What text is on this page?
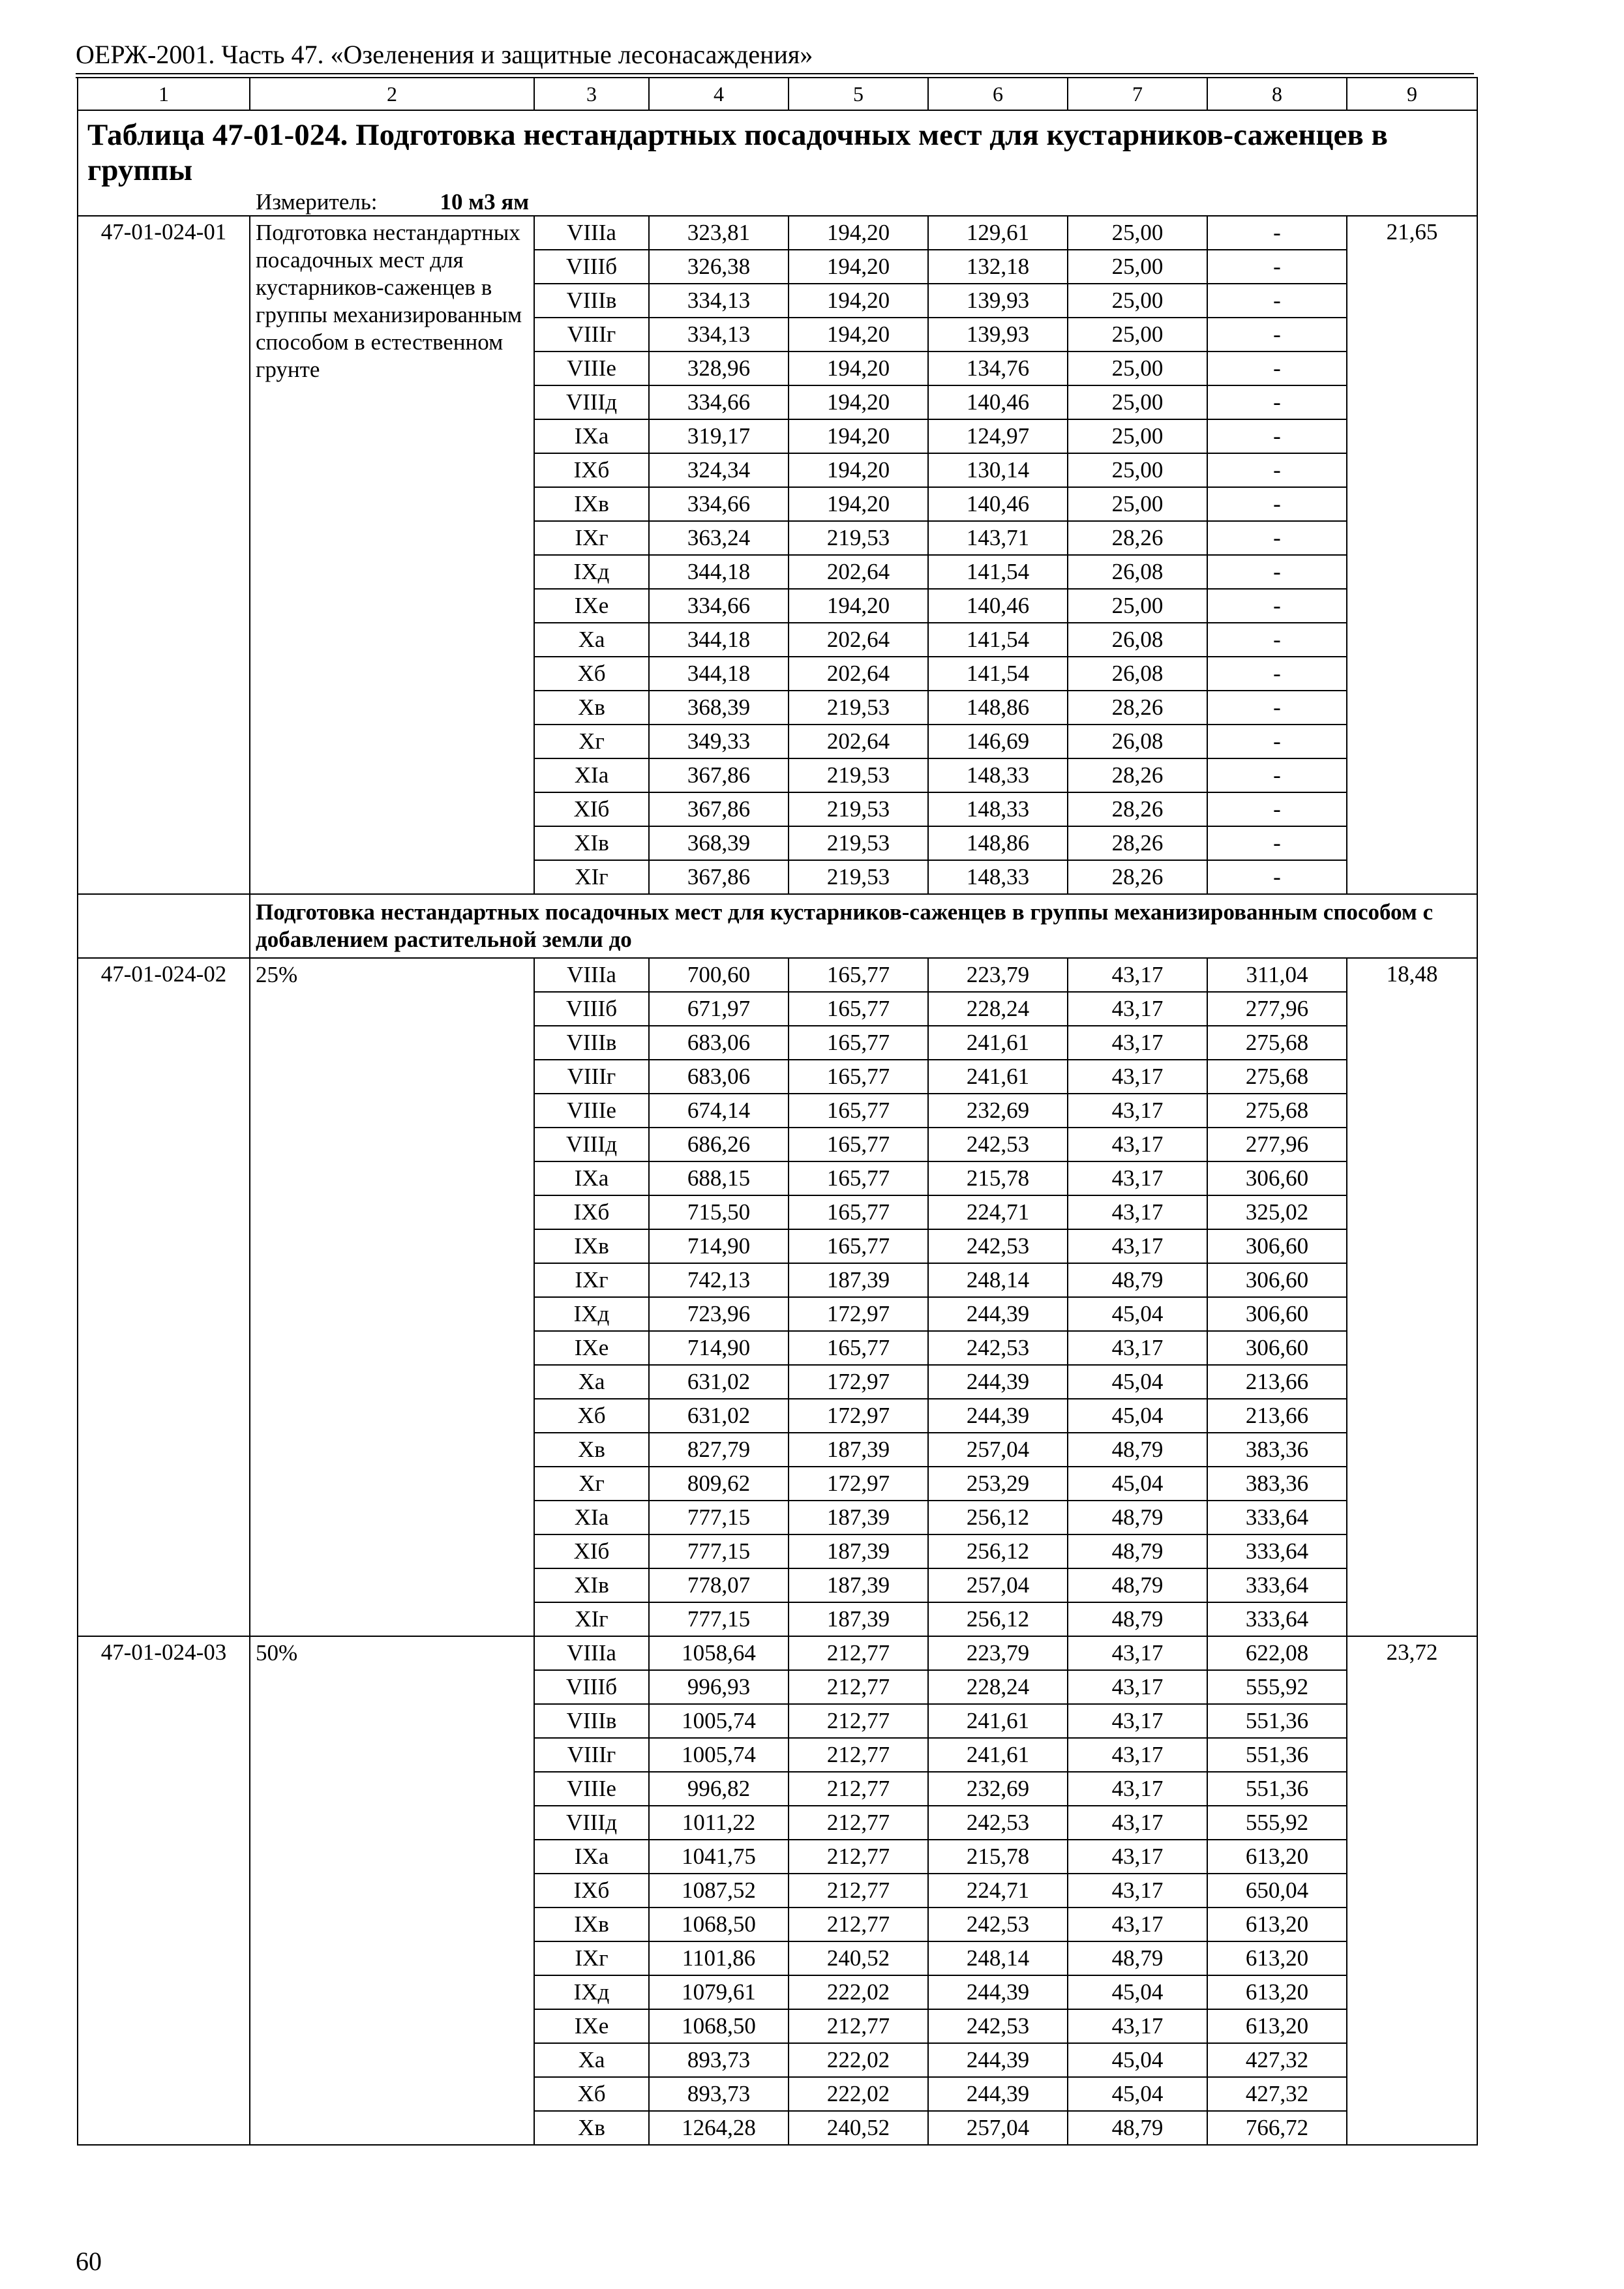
ОЕРЖ-2001. Часть 47. «Озеленения и защитные лесонасаждения»
1	2	3	4	5	6	7	8	9
Таблица 47-01-024. Подготовка нестандартных посадочных мест для кустарников-саженцев в группы								
Измеритель: 10 м3 ям								
47-01-024-01	Подготовка нестандартных посадочных мест для кустарников-саженцев в группы механизированным способом в естественном грунте	VIIIа	323,81	194,20	129,61	25,00	-	21,65
		VIIIб	326,38	194,20	132,18	25,00	-	
		VIIIв	334,13	194,20	139,93	25,00	-	
		VIIIг	334,13	194,20	139,93	25,00	-	
		VIIIе	328,96	194,20	134,76	25,00	-	
		VIIIд	334,66	194,20	140,46	25,00	-	
		IXа	319,17	194,20	124,97	25,00	-	
		IXб	324,34	194,20	130,14	25,00	-	
		IXв	334,66	194,20	140,46	25,00	-	
		IXг	363,24	219,53	143,71	28,26	-	
		IXд	344,18	202,64	141,54	26,08	-	
		IXе	334,66	194,20	140,46	25,00	-	
		Xа	344,18	202,64	141,54	26,08	-	
		Xб	344,18	202,64	141,54	26,08	-	
		Xв	368,39	219,53	148,86	28,26	-	
		Xг	349,33	202,64	146,69	26,08	-	
		XIа	367,86	219,53	148,33	28,26	-	
		XIб	367,86	219,53	148,33	28,26	-	
		XIв	368,39	219,53	148,86	28,26	-	
		XIг	367,86	219,53	148,33	28,26	-	
	Подготовка нестандартных посадочных мест для кустарников-саженцев в группы механизированным способом с добавлением растительной земли до							
47-01-024-02	25%	VIIIа	700,60	165,77	223,79	43,17	311,04	18,48
		VIIIб	671,97	165,77	228,24	43,17	277,96	
		VIIIв	683,06	165,77	241,61	43,17	275,68	
		VIIIг	683,06	165,77	241,61	43,17	275,68	
		VIIIе	674,14	165,77	232,69	43,17	275,68	
		VIIIд	686,26	165,77	242,53	43,17	277,96	
		IXа	688,15	165,77	215,78	43,17	306,60	
		IXб	715,50	165,77	224,71	43,17	325,02	
		IXв	714,90	165,77	242,53	43,17	306,60	
		IXг	742,13	187,39	248,14	48,79	306,60	
		IXд	723,96	172,97	244,39	45,04	306,60	
		IXе	714,90	165,77	242,53	43,17	306,60	
		Xа	631,02	172,97	244,39	45,04	213,66	
		Xб	631,02	172,97	244,39	45,04	213,66	
		Xв	827,79	187,39	257,04	48,79	383,36	
		Xг	809,62	172,97	253,29	45,04	383,36	
		XIа	777,15	187,39	256,12	48,79	333,64	
		XIб	777,15	187,39	256,12	48,79	333,64	
		XIв	778,07	187,39	257,04	48,79	333,64	
		XIг	777,15	187,39	256,12	48,79	333,64	
47-01-024-03	50%	VIIIа	1058,64	212,77	223,79	43,17	622,08	23,72
		VIIIб	996,93	212,77	228,24	43,17	555,92	
		VIIIв	1005,74	212,77	241,61	43,17	551,36	
		VIIIг	1005,74	212,77	241,61	43,17	551,36	
		VIIIе	996,82	212,77	232,69	43,17	551,36	
		VIIIд	1011,22	212,77	242,53	43,17	555,92	
		IXа	1041,75	212,77	215,78	43,17	613,20	
		IXб	1087,52	212,77	224,71	43,17	650,04	
		IXв	1068,50	212,77	242,53	43,17	613,20	
		IXг	1101,86	240,52	248,14	48,79	613,20	
		IXд	1079,61	222,02	244,39	45,04	613,20	
		IXе	1068,50	212,77	242,53	43,17	613,20	
		Xа	893,73	222,02	244,39	45,04	427,32	
		Xб	893,73	222,02	244,39	45,04	427,32	
		Xв	1264,28	240,52	257,04	48,79	766,72	
60
